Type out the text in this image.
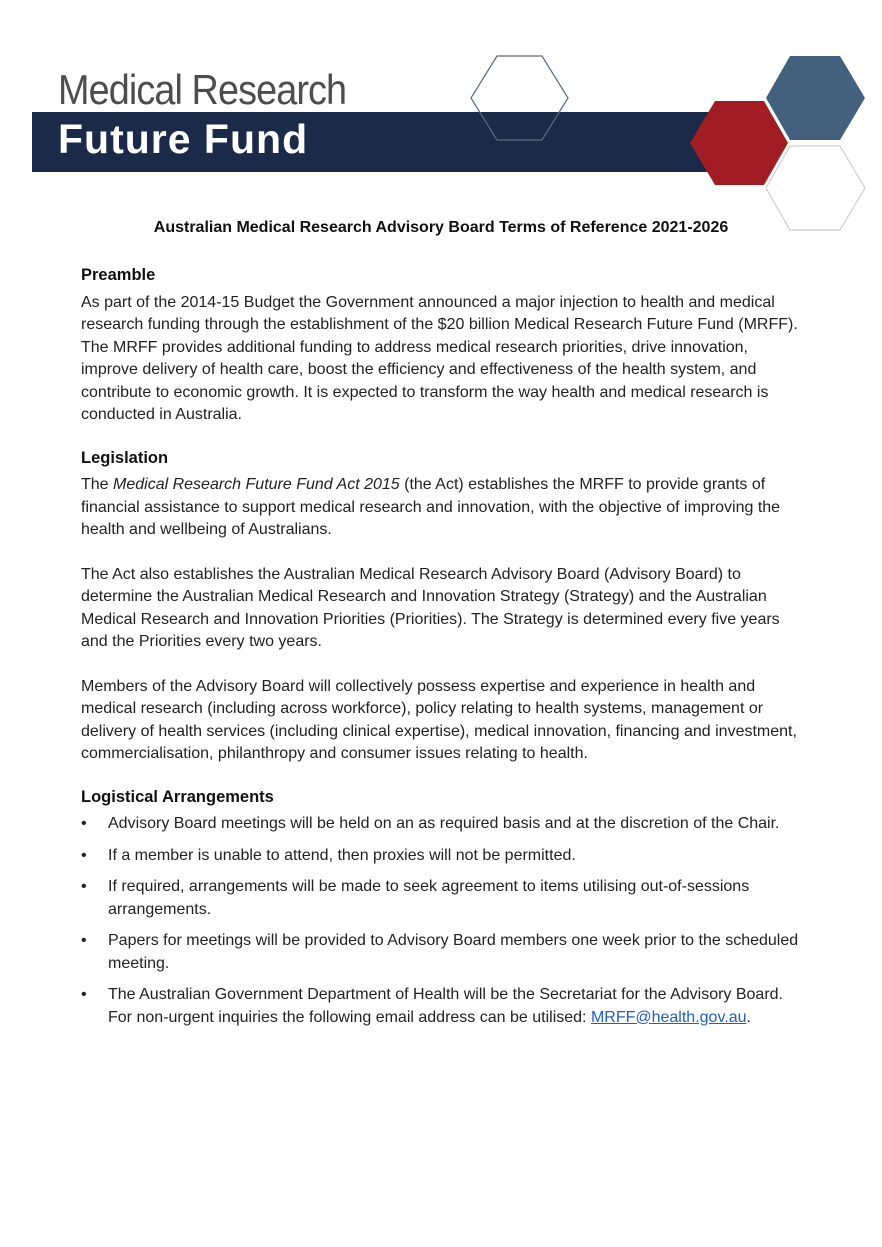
Medical Research
Future Fund
Australian Medical Research Advisory Board Terms of Reference 2021-2026
Preamble

As part of the 2014-15 Budget the Government announced a major injection to health and medical research funding through the establishment of the $20 billion Medical Research Future Fund (MRFF). The MRFF provides additional funding to address medical research priorities, drive innovation, improve delivery of health care, boost the efficiency and effectiveness of the health system, and contribute to economic growth. It is expected to transform the way health and medical research is conducted in Australia.

Legislation

The Medical Research Future Fund Act 2015 (the Act) establishes the MRFF to provide grants of financial assistance to support medical research and innovation, with the objective of improving the health and wellbeing of Australians.

The Act also establishes the Australian Medical Research Advisory Board (Advisory Board) to determine the Australian Medical Research and Innovation Strategy (Strategy) and the Australian Medical Research and Innovation Priorities (Priorities). The Strategy is determined every five years and the Priorities every two years.

Members of the Advisory Board will collectively possess expertise and experience in health and medical research (including across workforce), policy relating to health systems, management or delivery of health services (including clinical expertise), medical innovation, financing and investment, commercialisation, philanthropy and consumer issues relating to health.

Logistical Arrangements
• Advisory Board meetings will be held on an as required basis and at the discretion of the Chair.
• If a member is unable to attend, then proxies will not be permitted.
• If required, arrangements will be made to seek agreement to items utilising out-of-sessions arrangements.
• Papers for meetings will be provided to Advisory Board members one week prior to the scheduled meeting.
• The Australian Government Department of Health will be the Secretariat for the Advisory Board. For non-urgent inquiries the following email address can be utilised: MRFF@health.gov.au.
